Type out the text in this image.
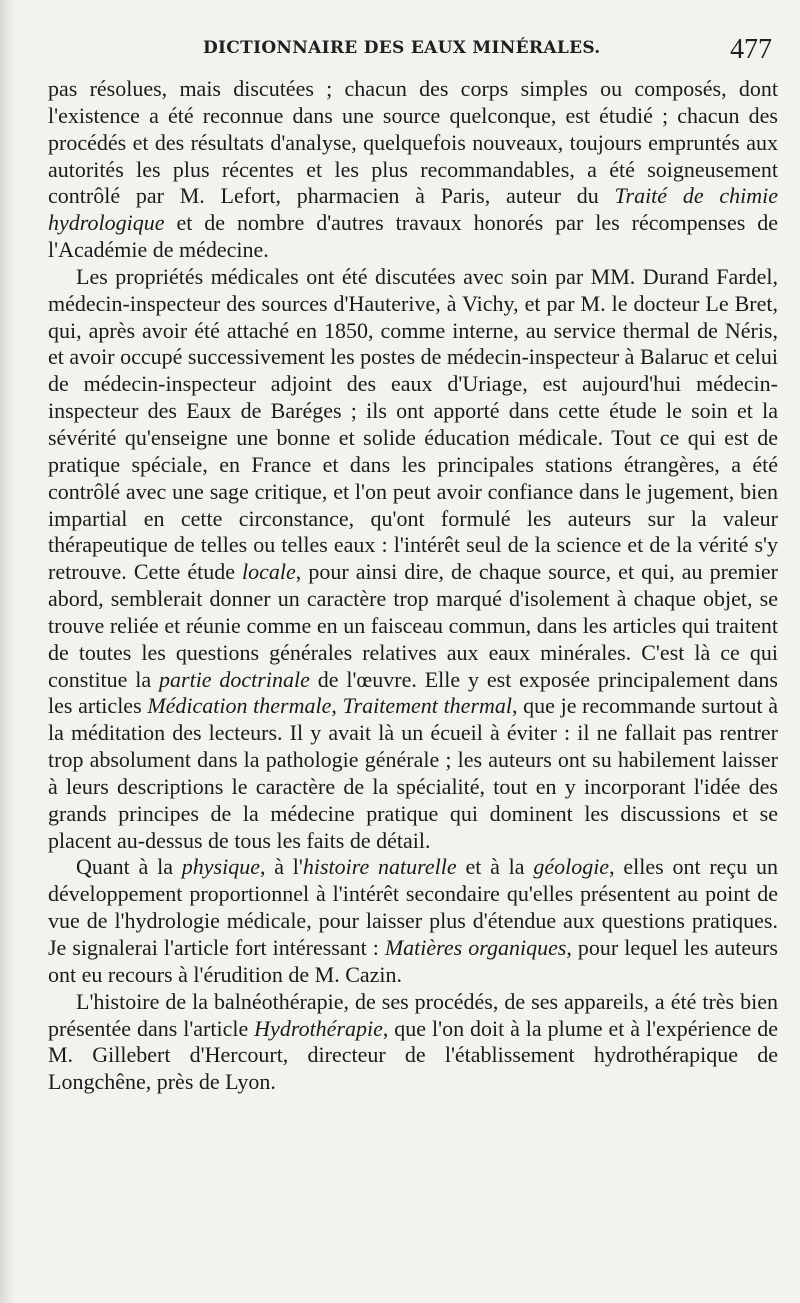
DICTIONNAIRE DES EAUX MINÉRALES.	477

pas résolues, mais discutées ; chacun des corps simples ou composés, dont l'existence a été reconnue dans une source quelconque, est étudié ; chacun des procédés et des résultats d'analyse, quelquefois nouveaux, toujours empruntés aux autorités les plus récentes et les plus recommandables, a été soigneusement contrôlé par M. Lefort, pharmacien à Paris, auteur du Traité de chimie hydrologique et de nombre d'autres travaux honorés par les récompenses de l'Académie de médecine.

Les propriétés médicales ont été discutées avec soin par MM. Durand Fardel, médecin-inspecteur des sources d'Hauterive, à Vichy, et par M. le docteur Le Bret, qui, après avoir été attaché en 1850, comme interne, au service thermal de Néris, et avoir occupé successivement les postes de médecin-inspecteur à Balaruc et celui de médecin-inspecteur adjoint des eaux d'Uriage, est aujourd'hui médecin-inspecteur des Eaux de Baréges ; ils ont apporté dans cette étude le soin et la sévérité qu'enseigne une bonne et solide éducation médicale. Tout ce qui est de pratique spéciale, en France et dans les principales stations étrangères, a été contrôlé avec une sage critique, et l'on peut avoir confiance dans le jugement, bien impartial en cette circonstance, qu'ont formulé les auteurs sur la valeur thérapeutique de telles ou telles eaux : l'intérêt seul de la science et de la vérité s'y retrouve. Cette étude locale, pour ainsi dire, de chaque source, et qui, au premier abord, semblerait donner un caractère trop marqué d'isolement à chaque objet, se trouve reliée et réunie comme en un faisceau commun, dans les articles qui traitent de toutes les questions générales relatives aux eaux minérales. C'est là ce qui constitue la partie doctrinale de l'œuvre. Elle y est exposée principalement dans les articles Médication thermale, Traitement thermal, que je recommande surtout à la méditation des lecteurs. Il y avait là un écueil à éviter : il ne fallait pas rentrer trop absolument dans la pathologie générale ; les auteurs ont su habilement laisser à leurs descriptions le caractère de la spécialité, tout en y incorporant l'idée des grands principes de la médecine pratique qui dominent les discussions et se placent au-dessus de tous les faits de détail.

Quant à la physique, à l'histoire naturelle et à la géologie, elles ont reçu un développement proportionnel à l'intérêt secondaire qu'elles présentent au point de vue de l'hydrologie médicale, pour laisser plus d'étendue aux questions pratiques. Je signalerai l'article fort intéressant : Matières organiques, pour lequel les auteurs ont eu recours à l'érudition de M. Cazin.

L'histoire de la balnéothérapie, de ses procédés, de ses appareils, a été très bien présentée dans l'article Hydrothérapie, que l'on doit à la plume et à l'expérience de M. Gillebert d'Hercourt, directeur de l'établissement hydrothérapique de Longchêne, près de Lyon.
